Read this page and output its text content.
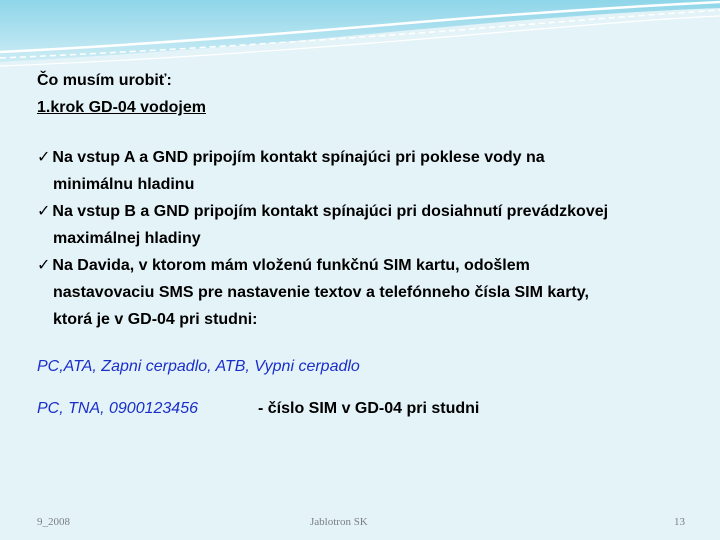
Čo musím urobiť:
1.krok GD-04 vodojem
✓ Na vstup A a GND pripojím kontakt spínajúci pri poklese vody na
minimálnu hladinu
✓ Na vstup B a GND pripojím kontakt spínajúci pri dosiahnutí prevádzkovej
maximálnej hladiny
✓ Na Davida, v ktorom mám vloženú funkčnú SIM kartu, odošlem
nastavovaciu SMS pre nastavenie textov a telefónneho čísla SIM karty,
ktorá je v GD-04 pri studni:
PC,ATA, Zapni cerpadlo, ATB, Vypni cerpadlo
PC, TNA, 0900123456	- číslo SIM v GD-04 pri studni
9_2008	Jablotron SK	13
